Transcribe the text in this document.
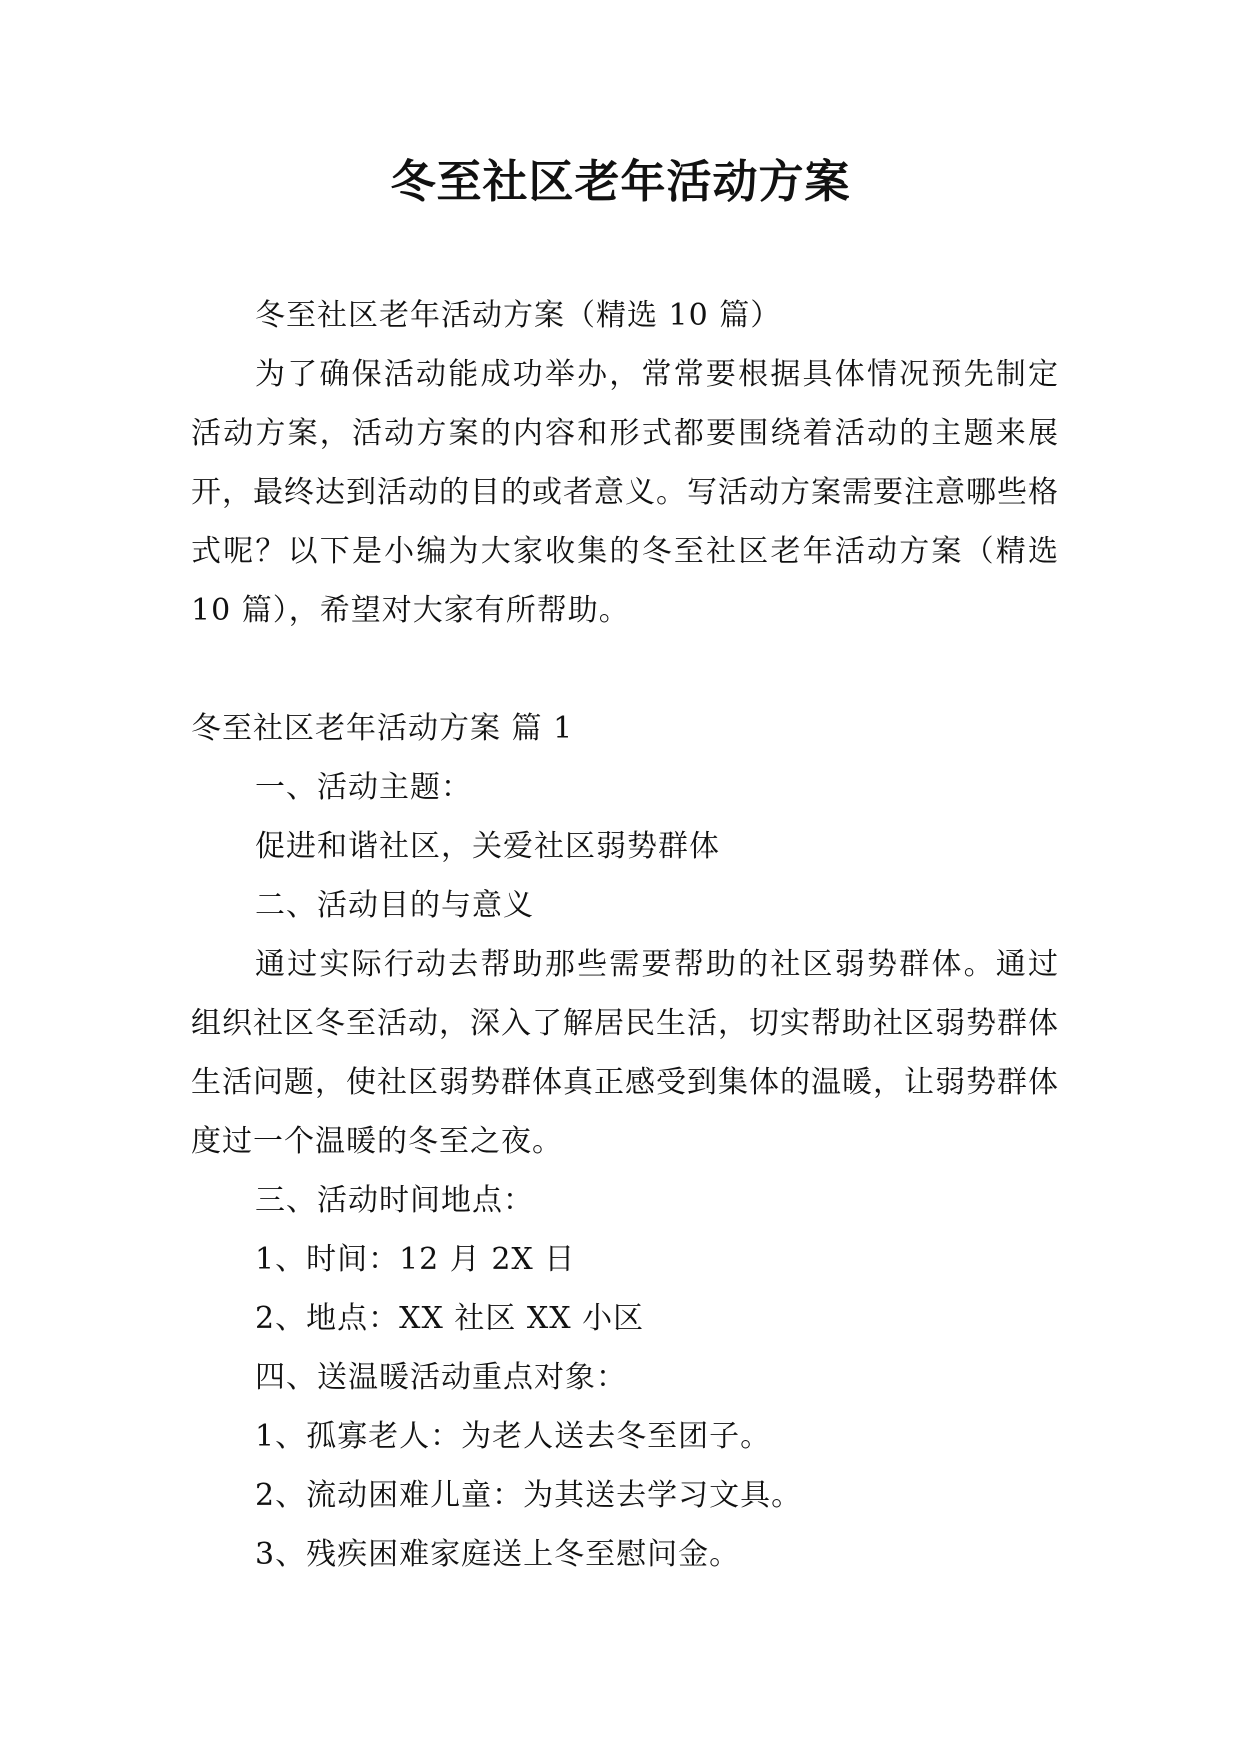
冬至社区老年活动方案

冬至社区老年活动方案（精选 10 篇）

为了确保活动能成功举办，常常要根据具体情况预先制定活动方案，活动方案的内容和形式都要围绕着活动的主题来展开，最终达到活动的目的或者意义。写活动方案需要注意哪些格式呢？以下是小编为大家收集的冬至社区老年活动方案（精选 10 篇），希望对大家有所帮助。

冬至社区老年活动方案 篇 1

一、活动主题：

促进和谐社区，关爱社区弱势群体

二、活动目的与意义

通过实际行动去帮助那些需要帮助的社区弱势群体。通过组织社区冬至活动，深入了解居民生活，切实帮助社区弱势群体生活问题，使社区弱势群体真正感受到集体的温暖，让弱势群体度过一个温暖的冬至之夜。

三、活动时间地点：

1、时间：12 月 2X 日

2、地点：XX 社区 XX 小区

四、送温暖活动重点对象：

1、孤寡老人：为老人送去冬至团子。

2、流动困难儿童：为其送去学习文具。

3、残疾困难家庭送上冬至慰问金。
